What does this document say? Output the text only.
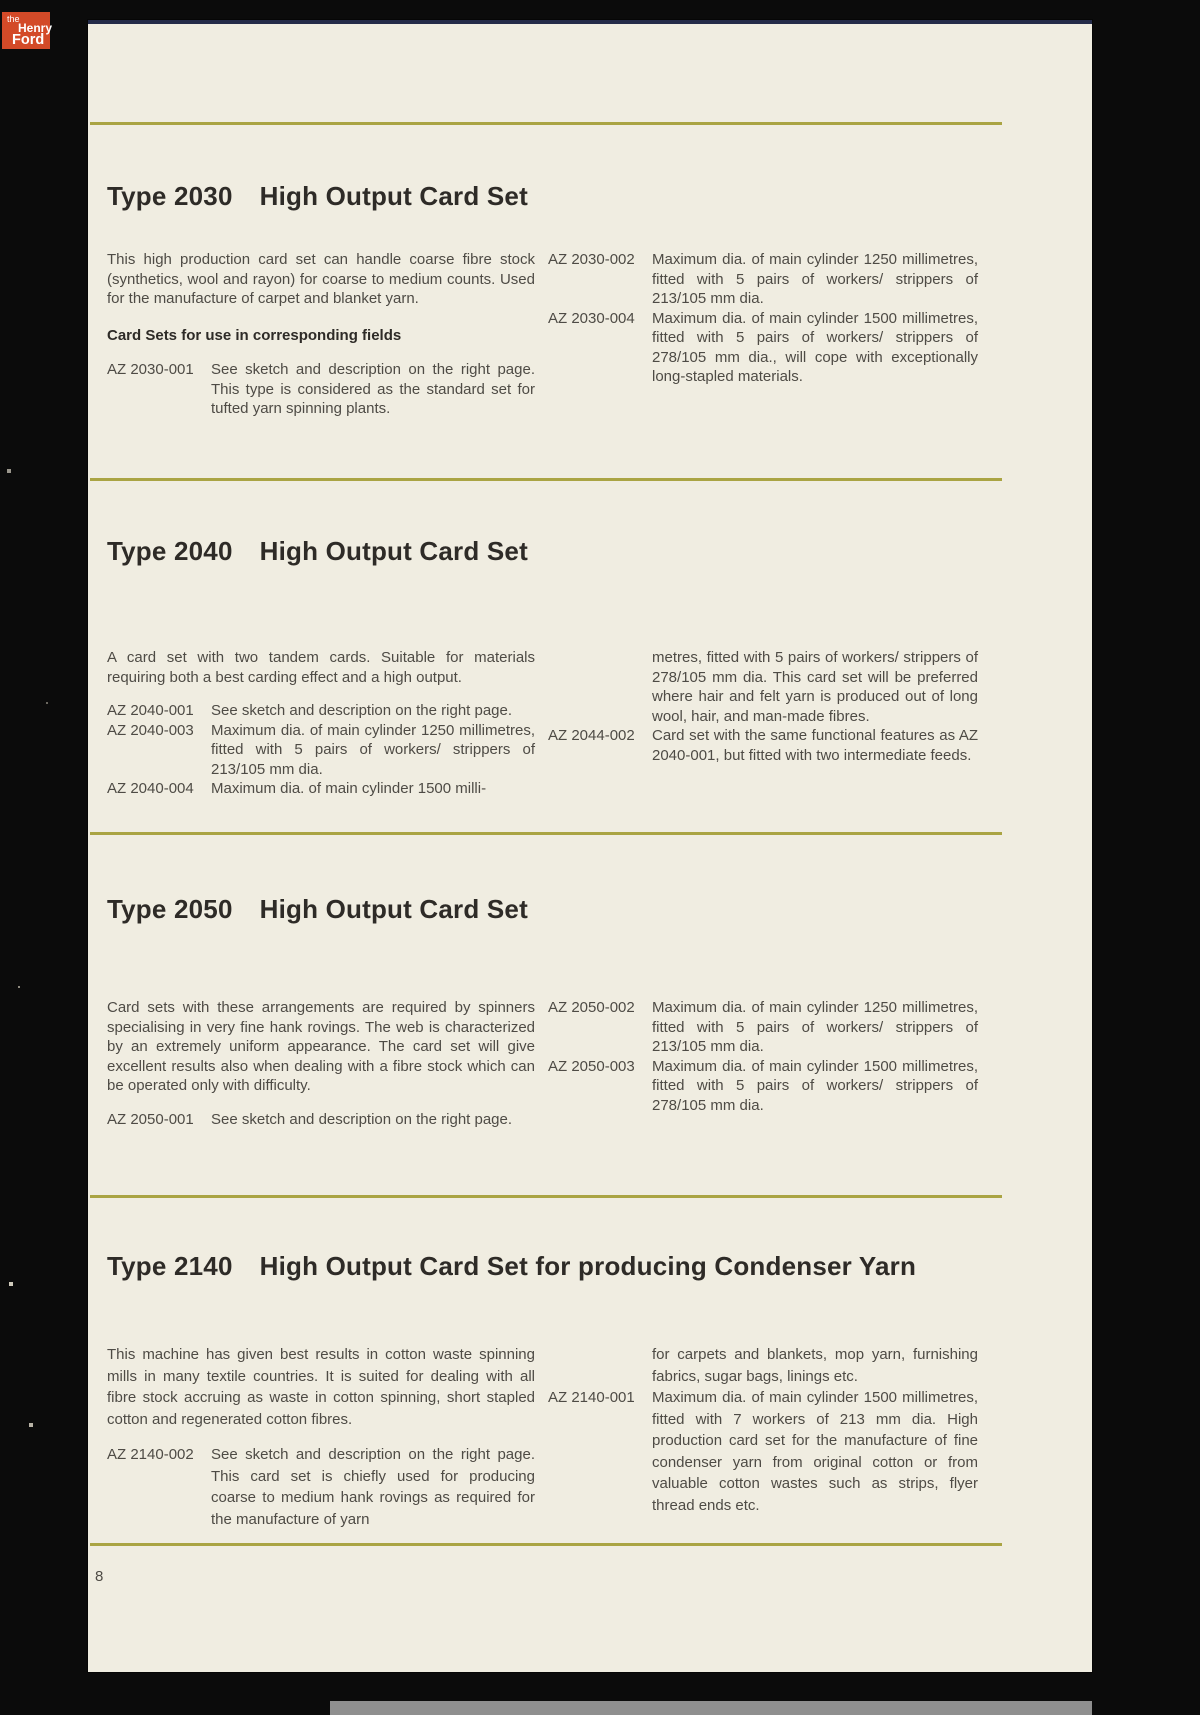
the
Henry
Ford
Type 2030 High Output Card Set
This high production card set can handle coarse fibre stock (synthetics, wool and rayon) for coarse to medium counts. Used for the manufacture of carpet and blanket yarn.
Card Sets for use in corresponding fields
AZ 2030-001 See sketch and description on the right page. This type is considered as the standard set for tufted yarn spinning plants.
AZ 2030-002 Maximum dia. of main cylinder 1250 millimetres, fitted with 5 pairs of workers/ strippers of 213/105 mm dia.
AZ 2030-004 Maximum dia. of main cylinder 1500 millimetres, fitted with 5 pairs of workers/ strippers of 278/105 mm dia., will cope with exceptionally long-stapled materials.
Type 2040 High Output Card Set
A card set with two tandem cards. Suitable for materials requiring both a best carding effect and a high output.
AZ 2040-001 See sketch and description on the right page.
AZ 2040-003 Maximum dia. of main cylinder 1250 millimetres, fitted with 5 pairs of workers/ strippers of 213/105 mm dia.
AZ 2040-004 Maximum dia. of main cylinder 1500 milli-
metres, fitted with 5 pairs of workers/ strippers of 278/105 mm dia. This card set will be preferred where hair and felt yarn is produced out of long wool, hair, and man-made fibres.
AZ 2044-002 Card set with the same functional features as AZ 2040-001, but fitted with two intermediate feeds.
Type 2050 High Output Card Set
Card sets with these arrangements are required by spinners specialising in very fine hank rovings. The web is characterized by an extremely uniform appearance. The card set will give excellent results also when dealing with a fibre stock which can be operated only with difficulty.
AZ 2050-001 See sketch and description on the right page.
AZ 2050-002 Maximum dia. of main cylinder 1250 millimetres, fitted with 5 pairs of workers/ strippers of 213/105 mm dia.
AZ 2050-003 Maximum dia. of main cylinder 1500 millimetres, fitted with 5 pairs of workers/ strippers of 278/105 mm dia.
Type 2140 High Output Card Set for producing Condenser Yarn
This machine has given best results in cotton waste spinning mills in many textile countries. It is suited for dealing with all fibre stock accruing as waste in cotton spinning, short stapled cotton and regenerated cotton fibres.
AZ 2140-002 See sketch and description on the right page. This card set is chiefly used for producing coarse to medium hank rovings as required for the manufacture of yarn
for carpets and blankets, mop yarn, furnishing fabrics, sugar bags, linings etc.
AZ 2140-001 Maximum dia. of main cylinder 1500 millimetres, fitted with 7 workers of 213 mm dia. High production card set for the manufacture of fine condenser yarn from original cotton or from valuable cotton wastes such as strips, flyer thread ends etc.
8
